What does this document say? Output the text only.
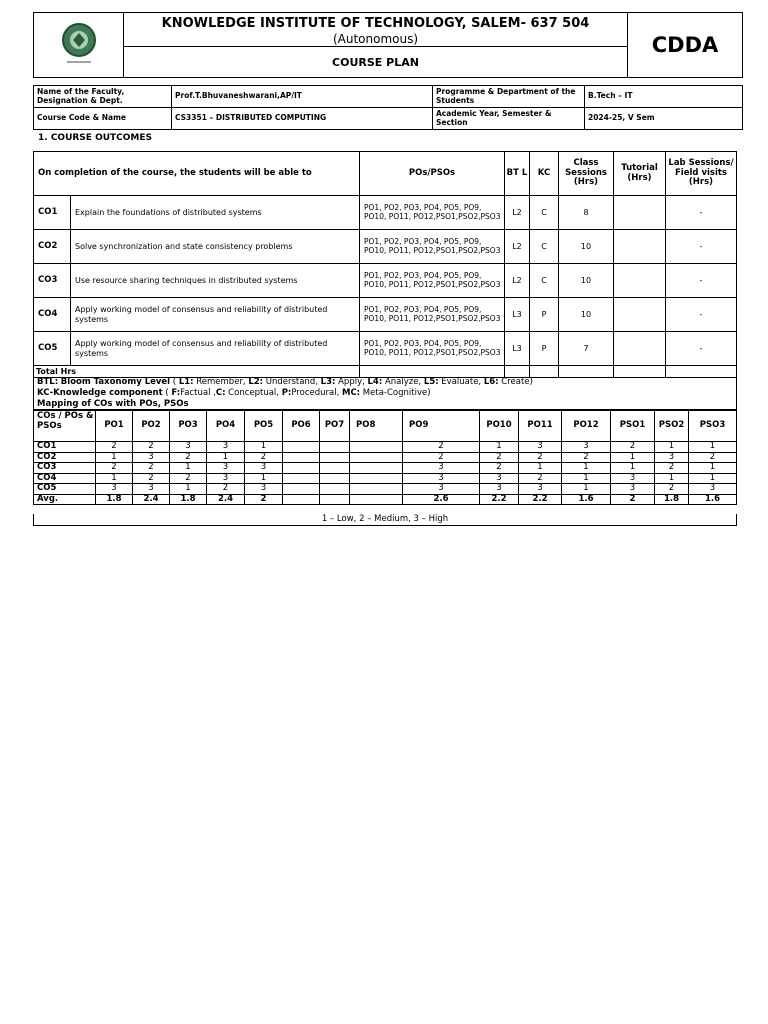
	KNOWLEDGE INSTITUTE OF TECHNOLOGY, SALEM- 637 504	CDDA
(Autonomous)
COURSE PLAN
Name of the Faculty, Designation & Dept.	Prof.T.Bhuvaneshwarani,AP/IT	Programme & Department of the Students	B.Tech – IT
Course Code & Name	CS3351 – DISTRIBUTED COMPUTING	Academic Year, Semester & Section	2024-25, V Sem
1. COURSE OUTCOMES
On completion of the course, the students will be able to		POs/PSOs	BT L	KC	Class Sessions (Hrs)	Tutorial (Hrs)	Lab Sessions/ Field visits (Hrs)
CO1	Explain the foundations of distributed systems	PO1, PO2, PO3, PO4, PO5, PO9, PO10, PO11, PO12,PSO1,PSO2,PSO3	L2	C	8		-
CO2	Solve synchronization and state consistency problems	PO1, PO2, PO3, PO4, PO5, PO9, PO10, PO11, PO12,PSO1,PSO2,PSO3	L2	C	10		-
CO3	Use resource sharing techniques in distributed systems	PO1, PO2, PO3, PO4, PO5, PO9, PO10, PO11, PO12,PSO1,PSO2,PSO3	L2	C	10		-
CO4	Apply working model of consensus and reliability of distributed systems	PO1, PO2, PO3, PO4, PO5, PO9, PO10, PO11, PO12,PSO1,PSO2,PSO3	L3	P	10		-
CO5	Apply working model of consensus and reliability of distributed systems	PO1, PO2, PO3, PO4, PO5, PO9, PO10, PO11, PO12,PSO1,PSO2,PSO3	L3	P	7		-
Total Hrs							
BTL: Bloom Taxonomy Level ( L1: Remember, L2: Understand, L3: Apply, L4: Analyze, L5: Evaluate, L6: Create)
KC-Knowledge component ( F:Factual ,C: Conceptual, P:Procedural, MC: Meta-Cognitive)
Mapping of COs with POs, PSOs
COs / POs & PSOs	PO1	PO2	PO3	PO4	PO5	PO6	PO7	PO8	PO9	PO10	PO11	PO12	PSO1	PSO2	PSO3
CO1	2	2	3	3	1				2	1	3	3	2	1	1
CO2	1	3	2	1	2				2	2	2	2	1	3	2
CO3	2	2	1	3	3				3	2	1	1	1	2	1
CO4	1	2	2	3	1				3	3	2	1	3	1	1
CO5	3	3	1	2	3				3	3	3	1	3	2	3
Avg.	1.8	2.4	1.8	2.4	2				2.6	2.2	2.2	1.6	2	1.8	1.6
1 – Low, 2 – Medium, 3 – High
